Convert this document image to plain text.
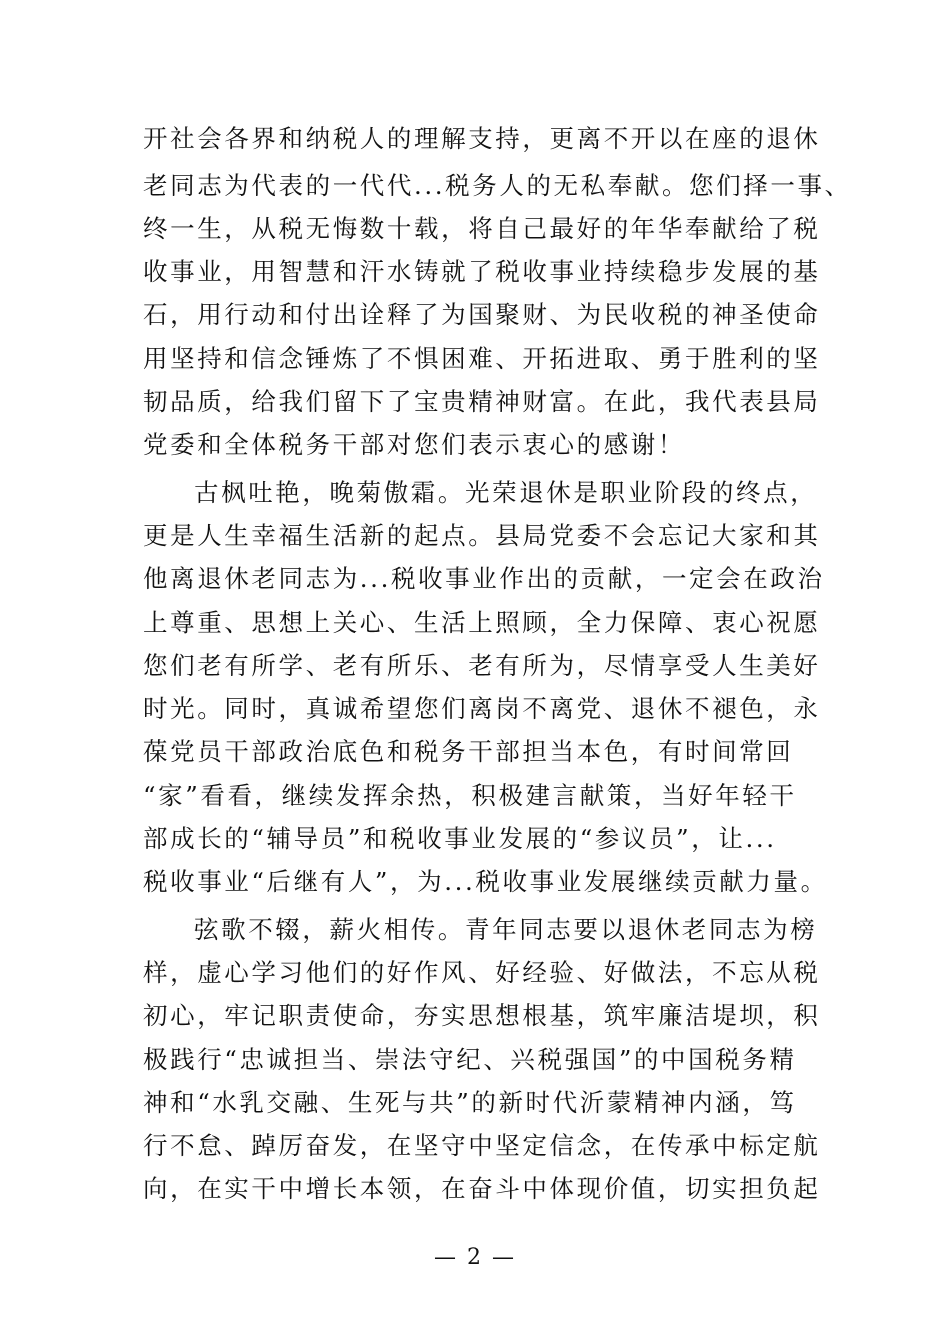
开社会各界和纳税人的理解支持，更离不开以在座的退休
老同志为代表的一代代...税务人的无私奉献。您们择一事、
终一生，从税无悔数十载，将自己最好的年华奉献给了税
收事业，用智慧和汗水铸就了税收事业持续稳步发展的基
石，用行动和付出诠释了为国聚财、为民收税的神圣使命
用坚持和信念锤炼了不惧困难、开拓进取、勇于胜利的坚
韧品质，给我们留下了宝贵精神财富。在此，我代表县局
党委和全体税务干部对您们表示衷心的感谢！
古枫吐艳，晚菊傲霜。光荣退休是职业阶段的终点，
更是人生幸福生活新的起点。县局党委不会忘记大家和其
他离退休老同志为...税收事业作出的贡献，一定会在政治
上尊重、思想上关心、生活上照顾，全力保障、衷心祝愿
您们老有所学、老有所乐、老有所为，尽情享受人生美好
时光。同时，真诚希望您们离岗不离党、退休不褪色，永
葆党员干部政治底色和税务干部担当本色，有时间常回
“家”看看，继续发挥余热，积极建言献策，当好年轻干
部成长的“辅导员”和税收事业发展的“参议员”，让...
税收事业“后继有人”，为...税收事业发展继续贡献力量。
弦歌不辍，薪火相传。青年同志要以退休老同志为榜
样，虚心学习他们的好作风、好经验、好做法，不忘从税
初心，牢记职责使命，夯实思想根基，筑牢廉洁堤坝，积
极践行“忠诚担当、崇法守纪、兴税强国”的中国税务精
神和“水乳交融、生死与共”的新时代沂蒙精神内涵，笃
行不怠、踔厉奋发，在坚守中坚定信念，在传承中标定航
向，在实干中增长本领，在奋斗中体现价值，切实担负起
— 2 —
